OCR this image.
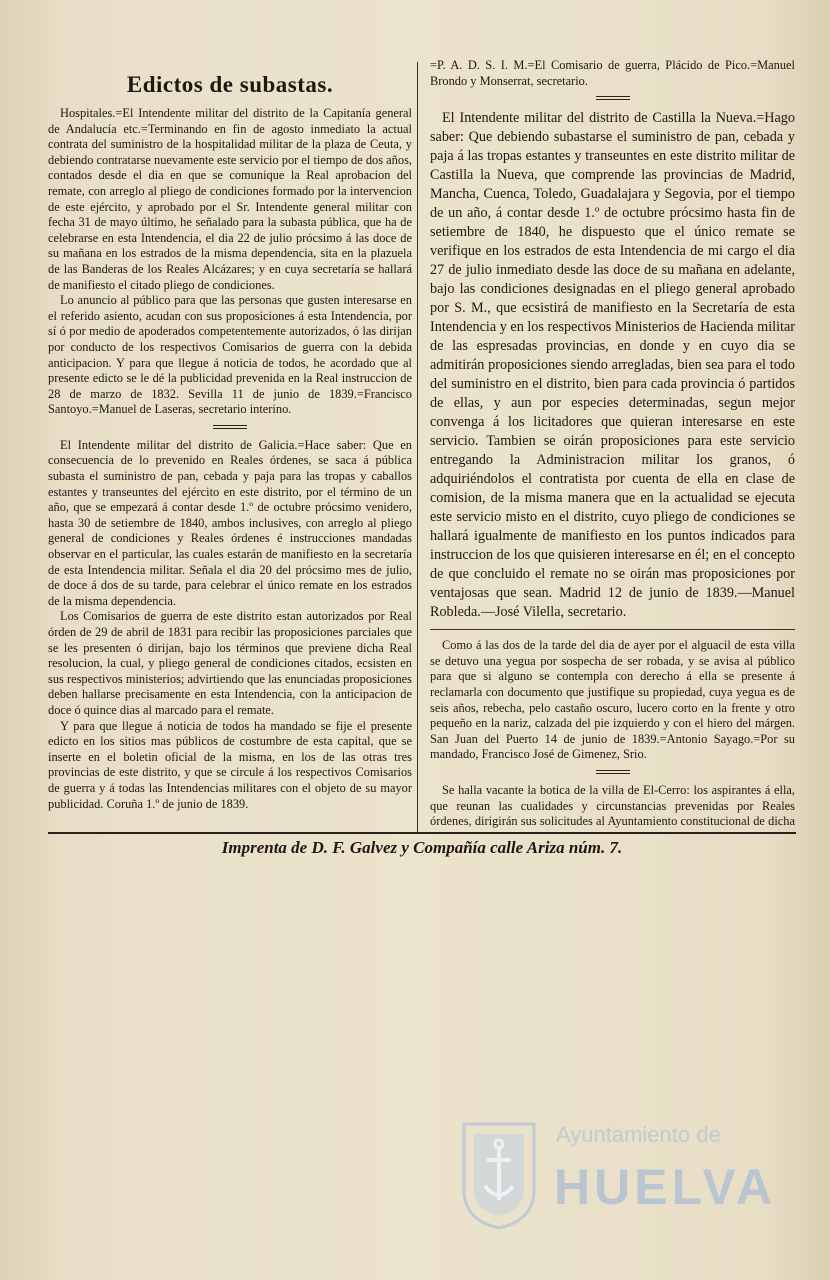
Edictos de subastas.

Hospitales.=El Intendente militar del distrito de la Capitanía general de Andalucía etc.=Terminando en fin de agosto inmediato la actual contrata del suministro de la hospitalidad militar de la plaza de Ceuta, y debiendo contratarse nuevamente este servicio por el tiempo de dos años, contados desde el dia en que se comunique la Real aprobacion del remate, con arreglo al pliego de condiciones formado por la intervencion de este ejército, y aprobado por el Sr. Intendente general militar con fecha 31 de mayo último, he señalado para la subasta pública, que ha de celebrarse en esta Intendencia, el dia 22 de julio prócsimo á las doce de su mañana en los estrados de la misma dependencia, sita en la plazuela de las Banderas de los Reales Alcázares; y en cuya secretaría se hallará de manifiesto el citado pliego de condiciones.

Lo anuncio al público para que las personas que gusten interesarse en el referido asiento, acudan con sus proposiciones á esta Intendencia, por sí ó por medio de apoderados competentemente autorizados, ó las dirijan por conducto de los respectivos Comisarios de guerra con la debida anticipacion. Y para que llegue á noticia de todos, he acordado que al presente edicto se le dé la publicidad prevenida en la Real instruccion de 28 de marzo de 1832. Sevilla 11 de junio de 1839.=Francisco Santoyo.=Manuel de Laseras, secretario interino.

El Intendente militar del distrito de Galicia.=Hace saber: Que en consecuencia de lo prevenido en Reales órdenes, se saca á pública subasta el suministro de pan, cebada y paja para las tropas y caballos estantes y transeuntes del ejército en este distrito, por el término de un año, que se empezará á contar desde 1.º de octubre prócsimo venidero, hasta 30 de setiembre de 1840, ambos inclusives, con arreglo al pliego general de condiciones y Reales órdenes é instrucciones mandadas observar en el particular, las cuales estarán de manifiesto en la secretaría de esta Intendencia militar. Señala el dia 20 del prócsimo mes de julio, de doce á dos de su tarde, para celebrar el único remate en los estrados de la misma dependencia.

Los Comisarios de guerra de este distrito estan autorizados por Real órden de 29 de abril de 1831 para recibir las proposiciones parciales que se les presenten ó dirijan, bajo los términos que previene dicha Real resolucion, la cual, y pliego general de condiciones citados, ecsisten en sus respectivos ministerios; advirtiendo que las enunciadas proposiciones deben hallarse precisamente en esta Intendencia, con la anticipacion de doce ó quince dias al marcado para el remate.

Y para que llegue á noticia de todos ha mandado se fije el presente edicto en los sitios mas públicos de costumbre de esta capital, que se inserte en el boletin oficial de la misma, en los de las otras tres provincias de este distrito, y que se circule á los respectivos Comisarios de guerra y á todas las Intendencias militares con el objeto de su mayor publicidad. Coruña 1.º de junio de 1839.

=P. A. D. S. I. M.=El Comisario de guerra, Plácido de Pico.=Manuel Brondo y Monserrat, secretario.

El Intendente militar del distrito de Castilla la Nueva.=Hago saber: Que debiendo subastarse el suministro de pan, cebada y paja á las tropas estantes y transeuntes en este distrito militar de Castilla la Nueva, que comprende las provincias de Madrid, Mancha, Cuenca, Toledo, Guadalajara y Segovia, por el tiempo de un año, á contar desde 1.º de octubre prócsimo hasta fin de setiembre de 1840, he dispuesto que el único remate se verifique en los estrados de esta Intendencia de mi cargo el dia 27 de julio inmediato desde las doce de su mañana en adelante, bajo las condiciones designadas en el pliego general aprobado por S. M., que ecsistirá de manifiesto en la Secretaría de esta Intendencia y en los respectivos Ministerios de Hacienda militar de las espresadas provincias, en donde y en cuyo dia se admitirán proposiciones siendo arregladas, bien sea para el todo del suministro en el distrito, bien para cada provincia ó partidos de ellas, y aun por especies determinadas, segun mejor convenga á los licitadores que quieran interesarse en este servicio. Tambien se oirán proposiciones para este servicio entregando la Administracion militar los granos, ó adquiriéndolos el contratista por cuenta de ella en clase de comision, de la misma manera que en la actualidad se ejecuta este servicio misto en el distrito, cuyo pliego de condiciones se hallará igualmente de manifiesto en los puntos indicados para instruccion de los que quisieren interesarse en él; en el concepto de que concluido el remate no se oirán mas proposiciones por ventajosas que sean. Madrid 12 de junio de 1839.—Manuel Robleda.—José Vilella, secretario.

Como á las dos de la tarde del dia de ayer por el alguacil de esta villa se detuvo una yegua por sospecha de ser robada, y se avisa al público para que si alguno se contempla con derecho á ella se presente á reclamarla con documento que justifique su propiedad, cuya yegua es de seis años, rebecha, pelo castaño oscuro, lucero corto en la frente y otro pequeño en la nariz, calzada del pie izquierdo y con el hiero del márgen. San Juan del Puerto 14 de junio de 1839.=Antonio Sayago.=Por su mandado, Francisco José de Gimenez, Srio.

Se halla vacante la botica de la villa de El-Cerro: los aspirantes á ella, que reunan las cualidades y circunstancias prevenidas por Reales órdenes, dirigirán sus solicitudes al Ayuntamiento constitucional de dicha

Imprenta de D. F. Galvez y Compañía calle Ariza núm. 7.
Ayuntamiento de
HUELVA
